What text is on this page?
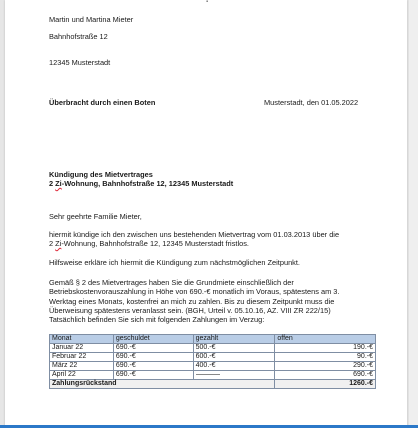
Martin und Martina Mieter
Bahnhofstraße 12
12345 Musterstadt
Überbracht durch einen Boten	Musterstadt, den 01.05.2022
Kündigung des Mietvertrages
2 Zi-Wohnung, Bahnhofstraße 12, 12345 Musterstadt
Sehr geehrte Familie Mieter,
hiermit kündige ich den zwischen uns bestehenden Mietvertrag vom 01.03.2013 über die
2 Zi-Wohnung, Bahnhofstraße 12, 12345 Musterstadt fristlos.
Hilfsweise erkläre ich hiermit die Kündigung zum nächstmöglichen Zeitpunkt.
Gemäß § 2 des Mietvertrages haben Sie die Grundmiete einschließlich der
Betriebskostenvorauszahlung in Höhe von 690.-€ monatlich im Voraus, spätestens am 3.
Werktag eines Monats, kostenfrei an mich zu zahlen. Bis zu diesem Zeitpunkt muss die
Überweisung spätestens veranlasst sein. (BGH, Urteil v. 05.10.16, AZ. VIII ZR 222/15)
Tatsächlich befinden Sie sich mit folgenden Zahlungen im Verzug:
Monat	geschuldet	gezahlt	offen
Januar 22	690.-€	500.-€	190.-€
Februar 22	690.-€	600.-€	90.-€
März 22	690.-€	400.-€	290.-€
April 22	690.-€		690.-€
Zahlungsrückstand			1260.-€
▪
